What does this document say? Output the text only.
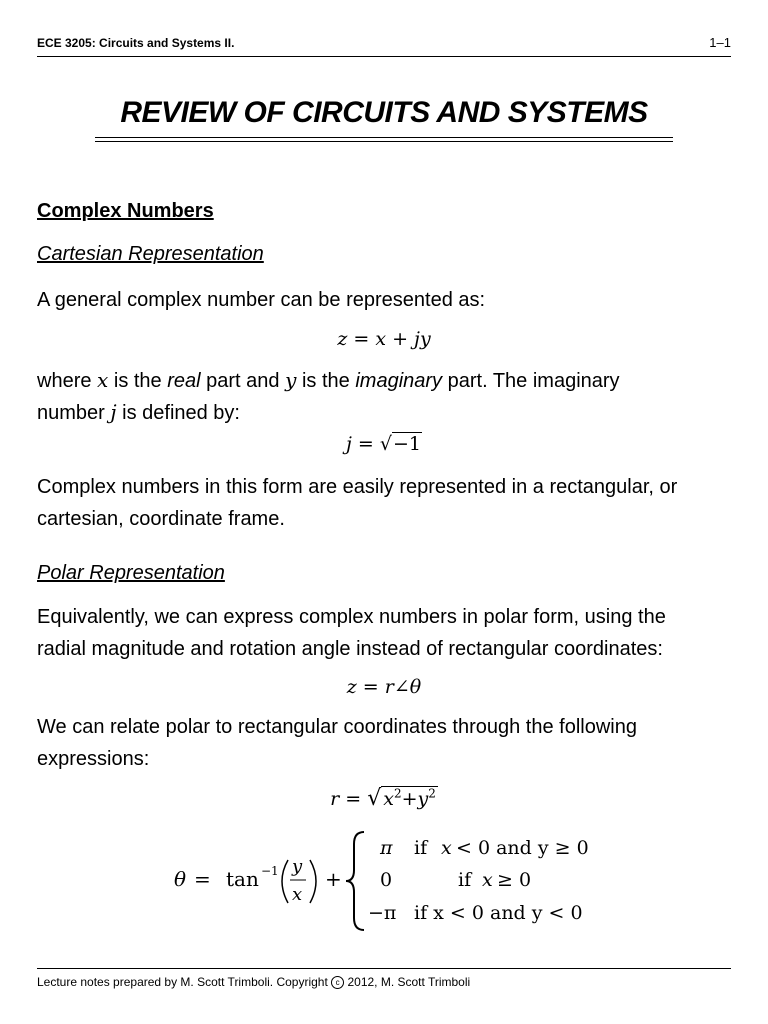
ECE 3205: Circuits and Systems II.	1–1
REVIEW OF CIRCUITS AND SYSTEMS
Complex Numbers
Cartesian Representation
A general complex number can be represented as:
z = x + jy
where x is the real part and y is the imaginary part. The imaginary
number j is defined by:
j = √−1
Complex numbers in this form are easily represented in a rectangular, or
cartesian, coordinate frame.
Polar Representation
Equivalently, we can express complex numbers in polar form, using the
radial magnitude and rotation angle instead of rectangular coordinates:
z = r∠θ
We can relate polar to rectangular coordinates through the following
expressions:
r = √ $x^2+y^2$
θ = tan −1 y
x
+
π if x < 0 and y ≥ 0
0	if x ≥ 0
−π if x < 0 and y < 0
Lecture notes prepared by M. Scott Trimboli. Copyright c 2012, M. Scott Trimboli
